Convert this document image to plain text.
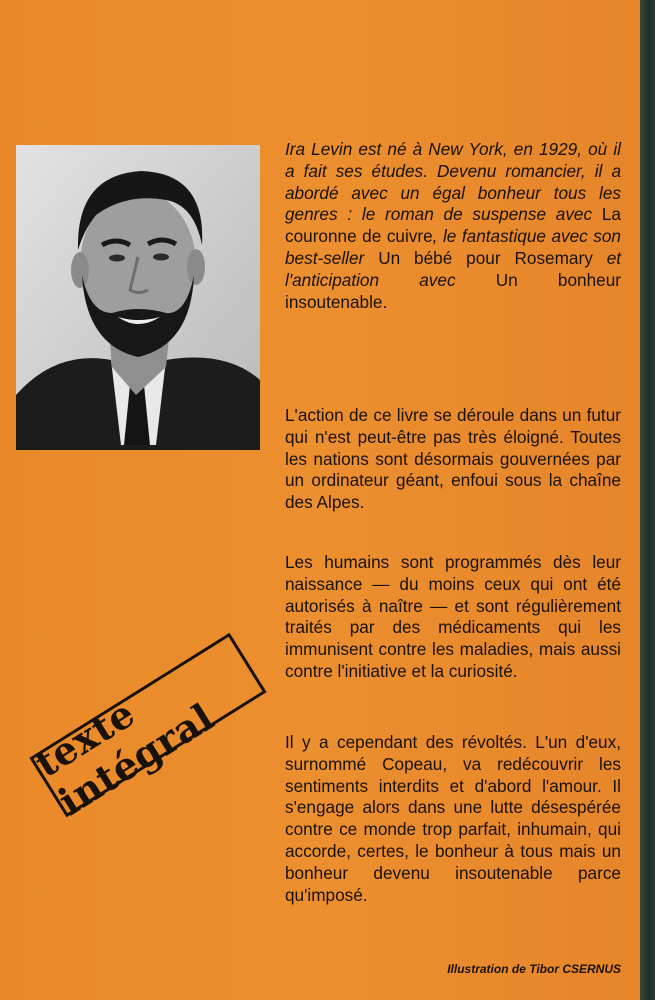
Ira Levin est né à New York, en 1929, où il a fait ses études. Devenu romancier, il a abordé avec un égal bonheur tous les genres : le roman de suspense avec La couronne de cuivre, le fantastique avec son best-seller Un bébé pour Rosemary et l'anticipation avec Un bonheur insoutenable.

L'action de ce livre se déroule dans un futur qui n'est peut-être pas très éloigné. Toutes les nations sont désormais gouvernées par un ordinateur géant, enfoui sous la chaîne des Alpes.

Les humains sont programmés dès leur naissance — du moins ceux qui ont été autorisés à naître — et sont régulièrement traités par des médicaments qui les immunisent contre les maladies, mais aussi contre l'initiative et la curiosité.

Il y a cependant des révoltés. L'un d'eux, surnommé Copeau, va redécouvrir les sentiments interdits et d'abord l'amour. Il s'engage alors dans une lutte désespérée contre ce monde trop parfait, inhumain, qui accorde, certes, le bonheur à tous mais un bonheur devenu insoutenable parce qu'imposé.

texte intégral
Illustration de Tibor CSERNUS
